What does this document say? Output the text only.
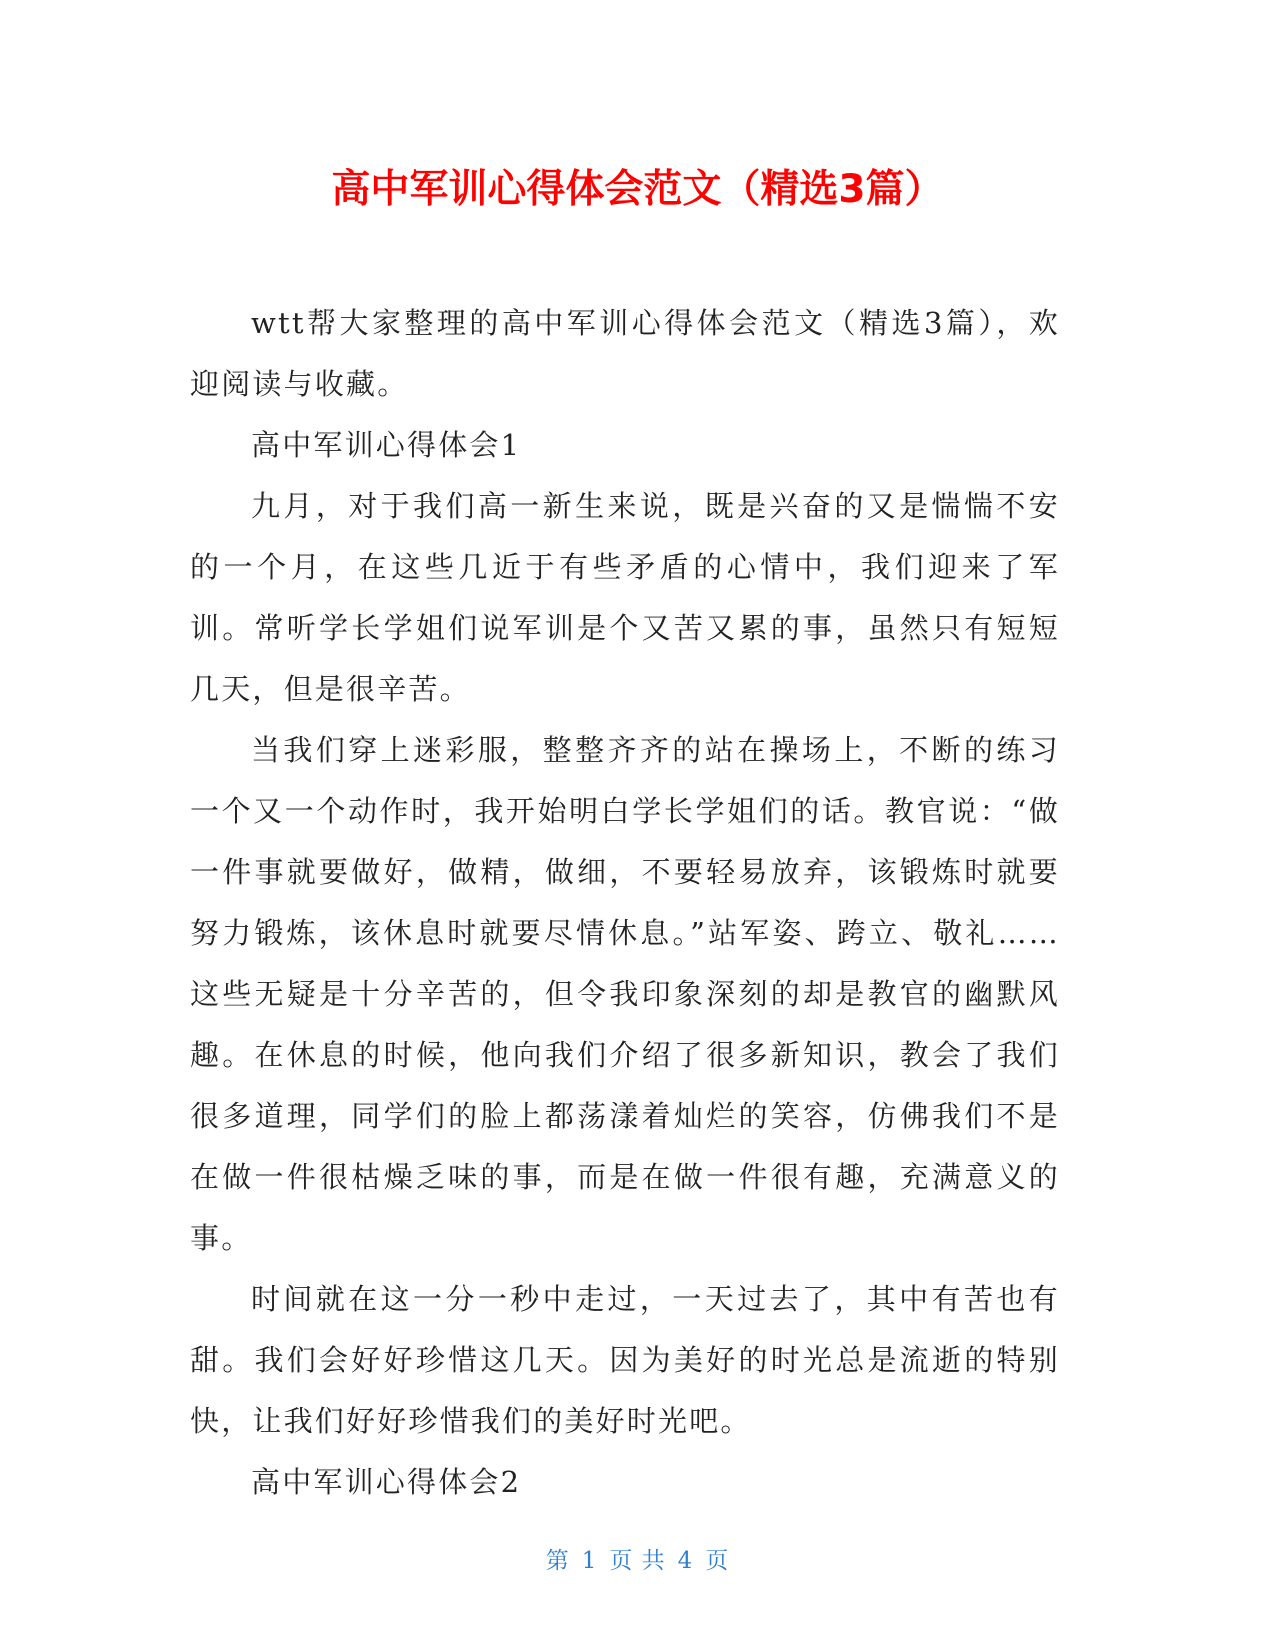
高中军训心得体会范文（精选3篇）

wtt帮大家整理的高中军训心得体会范文（精选3篇），欢迎阅读与收藏。

高中军训心得体会1

九月，对于我们高一新生来说，既是兴奋的又是惴惴不安的一个月，在这些几近于有些矛盾的心情中，我们迎来了军训。常听学长学姐们说军训是个又苦又累的事，虽然只有短短几天，但是很辛苦。

当我们穿上迷彩服，整整齐齐的站在操场上，不断的练习一个又一个动作时，我开始明白学长学姐们的话。教官说：“做一件事就要做好，做精，做细，不要轻易放弃，该锻炼时就要努力锻炼，该休息时就要尽情休息。”站军姿、跨立、敬礼……这些无疑是十分辛苦的，但令我印象深刻的却是教官的幽默风趣。在休息的时候，他向我们介绍了很多新知识，教会了我们很多道理，同学们的脸上都荡漾着灿烂的笑容，仿佛我们不是在做一件很枯燥乏味的事，而是在做一件很有趣，充满意义的事。

时间就在这一分一秒中走过，一天过去了，其中有苦也有甜。我们会好好珍惜这几天。因为美好的时光总是流逝的特别快，让我们好好珍惜我们的美好时光吧。

高中军训心得体会2

第 1 页 共 4 页
